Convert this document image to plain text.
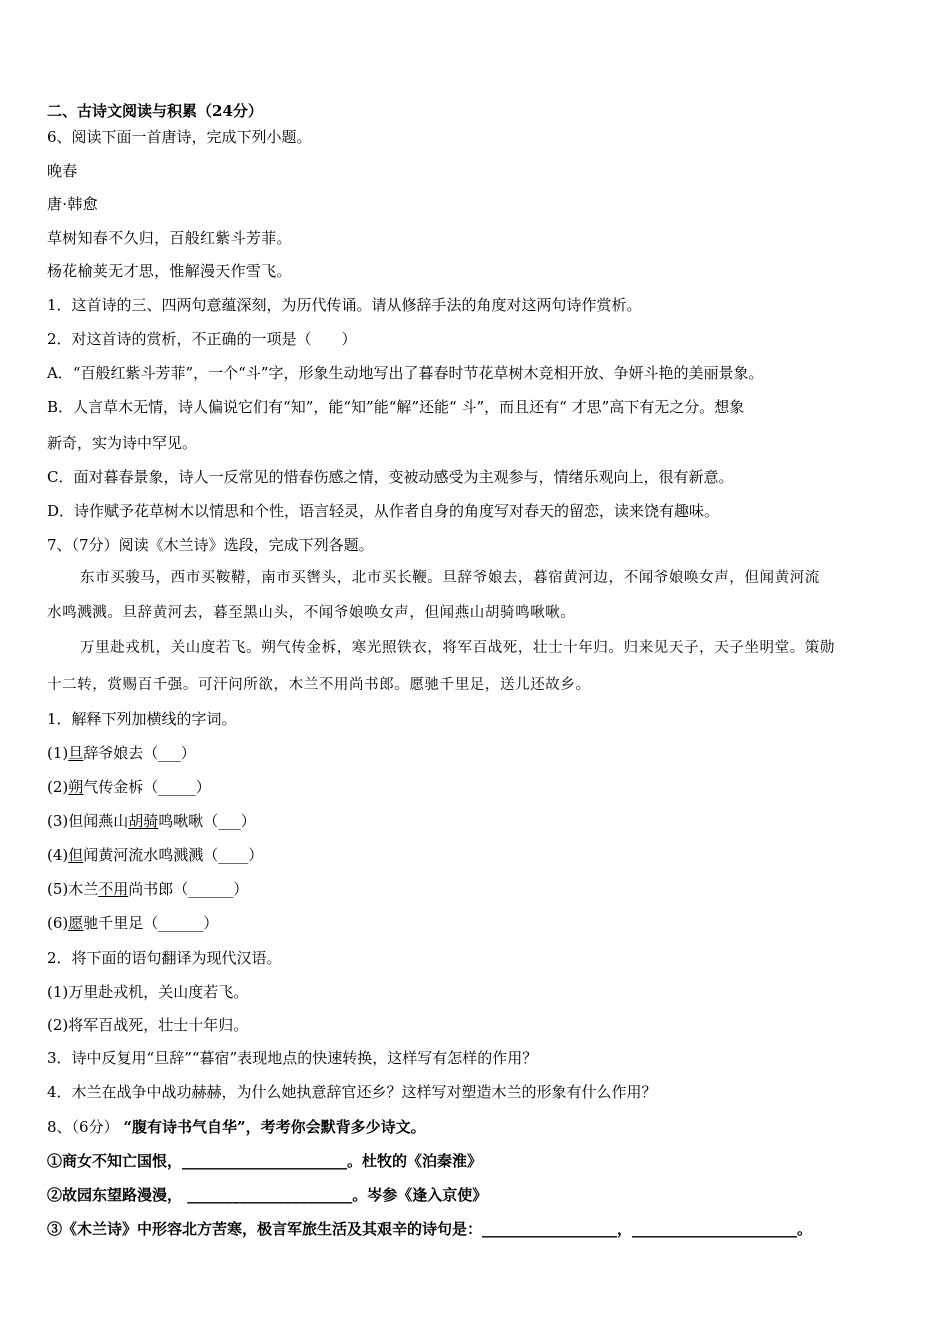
二、古诗文阅读与积累（24分）
6、阅读下面一首唐诗，完成下列小题。
晚春
唐·韩愈
草树知春不久归，百般红紫斗芳菲。
杨花榆荚无才思，惟解漫天作雪飞。
1．这首诗的三、四两句意蕴深刻，为历代传诵。请从修辞手法的角度对这两句诗作赏析。
2．对这首诗的赏析，不正确的一项是（　　）
A．“百般红紫斗芳菲”，一个“斗”字，形象生动地写出了暮春时节花草树木竞相开放、争妍斗艳的美丽景象。
B．人言草木无情，诗人偏说它们有“知”，能“知”能“解”还能“ 斗”，而且还有“ 才思”高下有无之分。想象
新奇，实为诗中罕见。
C．面对暮春景象，诗人一反常见的惜春伤感之情，变被动感受为主观参与，情绪乐观向上，很有新意。
D．诗作赋予花草树木以情思和个性，语言轻灵，从作者自身的角度写对春天的留恋，读来饶有趣味。
7、（7分）阅读《木兰诗》选段，完成下列各题。
东市买骏马，西市买鞍鞯，南市买辔头，北市买长鞭。旦辞爷娘去，暮宿黄河边，不闻爷娘唤女声，但闻黄河流
水鸣溅溅。旦辞黄河去，暮至黑山头，不闻爷娘唤女声，但闻燕山胡骑鸣啾啾。
万里赴戎机，关山度若飞。朔气传金柝，寒光照铁衣，将军百战死，壮士十年归。归来见天子，天子坐明堂。策勋
十二转，赏赐百千强。可汗问所欲，木兰不用尚书郎。愿驰千里足，送儿还故乡。
1．解释下列加横线的字词。
(1)旦辞爷娘去（___）
(2)朔气传金柝（_____）
(3)但闻燕山胡骑鸣啾啾（___）
(4)但闻黄河流水鸣溅溅（____）
(5)木兰不用尚书郎（______）
(6)愿驰千里足（______）
2．将下面的语句翻译为现代汉语。
(1)万里赴戎机，关山度若飞。
(2)将军百战死，壮士十年归。
3．诗中反复用“旦辞”“暮宿”表现地点的快速转换，这样写有怎样的作用？
4．木兰在战争中战功赫赫，为什么她执意辞官还乡？这样写对塑造木兰的形象有什么作用？
8、（6分） “腹有诗书气自华”，考考你会默背多少诗文。
①商女不知亡国恨，______________________。杜牧的《泊秦淮》
②故园东望路漫漫， ______________________。岑参《逢入京使》
③《木兰诗》中形容北方苦寒，极言军旅生活及其艰辛的诗句是：__________________，______________________。
